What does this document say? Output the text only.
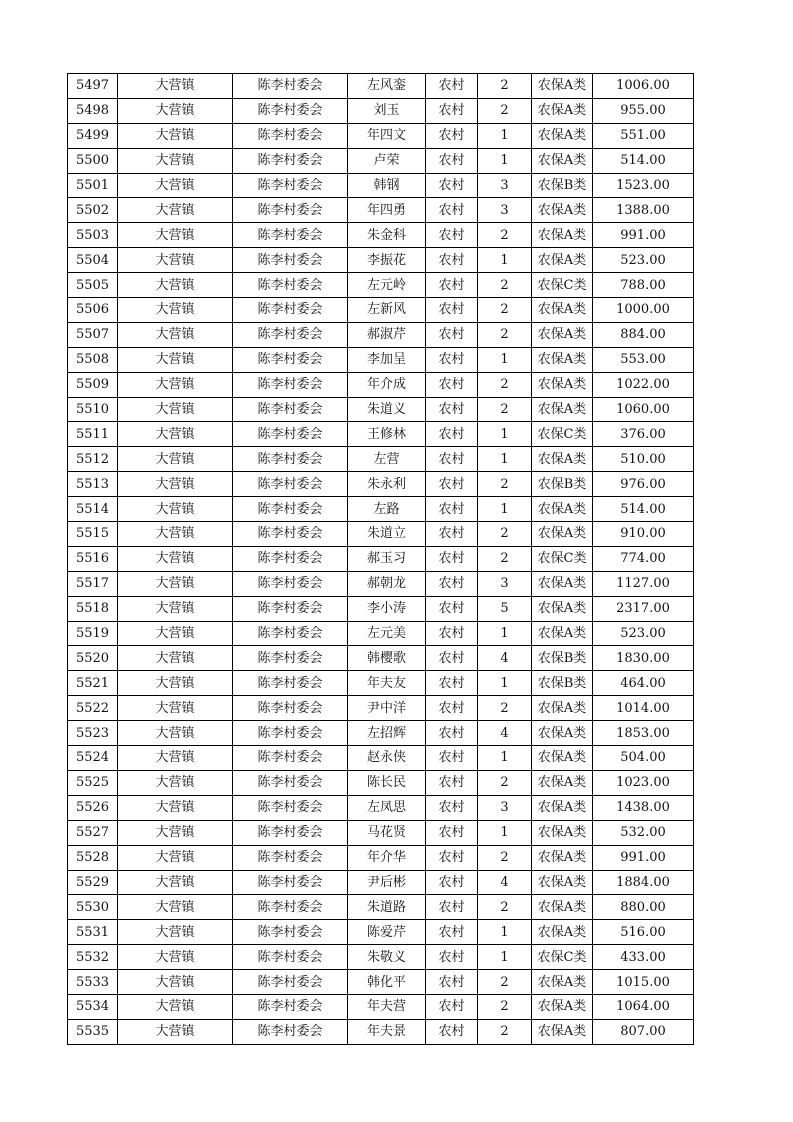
5497	大营镇	陈李村委会	左风銮	农村	2	农保A类	1006.00
5498	大营镇	陈李村委会	刘玉	农村	2	农保A类	955.00
5499	大营镇	陈李村委会	年四文	农村	1	农保A类	551.00
5500	大营镇	陈李村委会	卢荣	农村	1	农保A类	514.00
5501	大营镇	陈李村委会	韩钢	农村	3	农保B类	1523.00
5502	大营镇	陈李村委会	年四勇	农村	3	农保A类	1388.00
5503	大营镇	陈李村委会	朱金科	农村	2	农保A类	991.00
5504	大营镇	陈李村委会	李振花	农村	1	农保A类	523.00
5505	大营镇	陈李村委会	左元岭	农村	2	农保C类	788.00
5506	大营镇	陈李村委会	左新风	农村	2	农保A类	1000.00
5507	大营镇	陈李村委会	郝淑芹	农村	2	农保A类	884.00
5508	大营镇	陈李村委会	李加呈	农村	1	农保A类	553.00
5509	大营镇	陈李村委会	年介成	农村	2	农保A类	1022.00
5510	大营镇	陈李村委会	朱道义	农村	2	农保A类	1060.00
5511	大营镇	陈李村委会	王修林	农村	1	农保C类	376.00
5512	大营镇	陈李村委会	左营	农村	1	农保A类	510.00
5513	大营镇	陈李村委会	朱永利	农村	2	农保B类	976.00
5514	大营镇	陈李村委会	左路	农村	1	农保A类	514.00
5515	大营镇	陈李村委会	朱道立	农村	2	农保A类	910.00
5516	大营镇	陈李村委会	郝玉习	农村	2	农保C类	774.00
5517	大营镇	陈李村委会	郝朝龙	农村	3	农保A类	1127.00
5518	大营镇	陈李村委会	李小涛	农村	5	农保A类	2317.00
5519	大营镇	陈李村委会	左元美	农村	1	农保A类	523.00
5520	大营镇	陈李村委会	韩樱歌	农村	4	农保B类	1830.00
5521	大营镇	陈李村委会	年夫友	农村	1	农保B类	464.00
5522	大营镇	陈李村委会	尹中洋	农村	2	农保A类	1014.00
5523	大营镇	陈李村委会	左招辉	农村	4	农保A类	1853.00
5524	大营镇	陈李村委会	赵永侠	农村	1	农保A类	504.00
5525	大营镇	陈李村委会	陈长民	农村	2	农保A类	1023.00
5526	大营镇	陈李村委会	左凤思	农村	3	农保A类	1438.00
5527	大营镇	陈李村委会	马花贤	农村	1	农保A类	532.00
5528	大营镇	陈李村委会	年介华	农村	2	农保A类	991.00
5529	大营镇	陈李村委会	尹后彬	农村	4	农保A类	1884.00
5530	大营镇	陈李村委会	朱道路	农村	2	农保A类	880.00
5531	大营镇	陈李村委会	陈爱芹	农村	1	农保A类	516.00
5532	大营镇	陈李村委会	朱敬义	农村	1	农保C类	433.00
5533	大营镇	陈李村委会	韩化平	农村	2	农保A类	1015.00
5534	大营镇	陈李村委会	年夫营	农村	2	农保A类	1064.00
5535	大营镇	陈李村委会	年夫景	农村	2	农保A类	807.00
